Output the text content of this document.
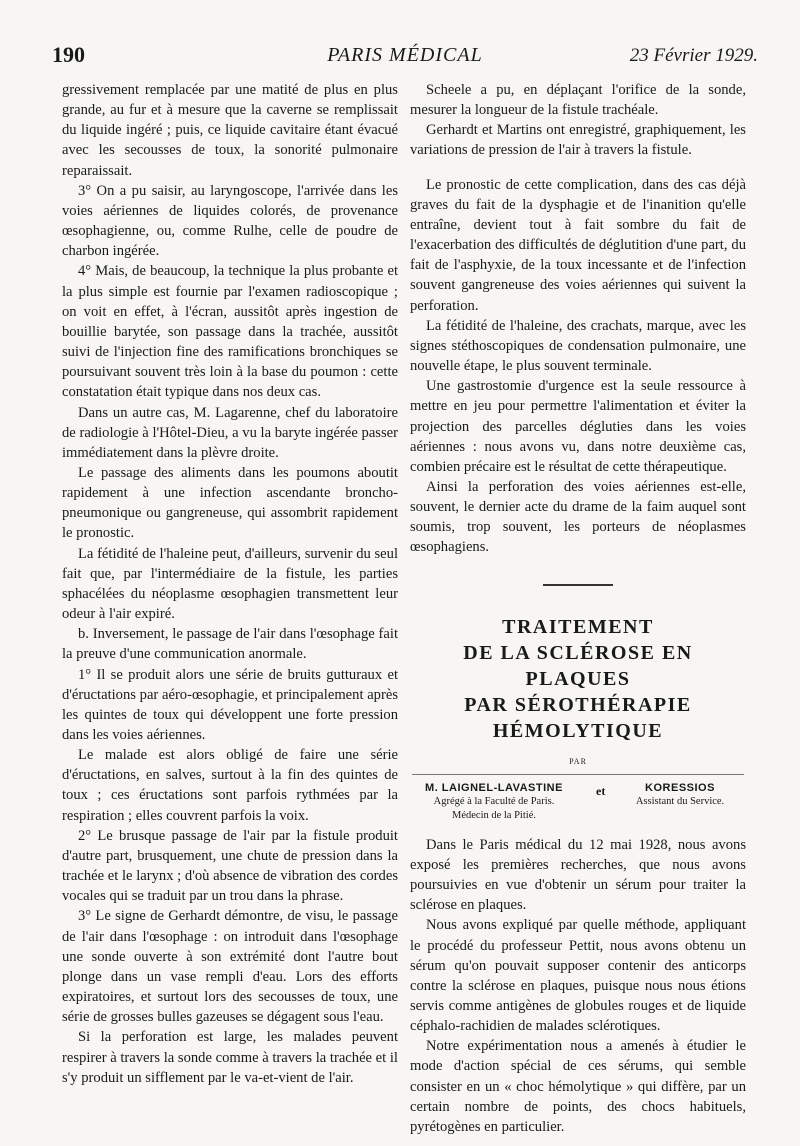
190	PARIS MÉDICAL	23 Février 1929.

gressivement remplacée par une matité de plus en plus grande, au fur et à mesure que la caverne se remplissait du liquide ingéré ; puis, ce liquide cavitaire étant évacué avec les secousses de toux, la sonorité pulmonaire reparaissait.

3° On a pu saisir, au laryngoscope, l'arrivée dans les voies aériennes de liquides colorés, de provenance œsophagienne, ou, comme Rulhe, celle de poudre de charbon ingérée.

4° Mais, de beaucoup, la technique la plus probante et la plus simple est fournie par l'examen radioscopique ; on voit en effet, à l'écran, aussitôt après ingestion de bouillie barytée, son passage dans la trachée, aussitôt suivi de l'injection fine des ramifications bronchiques se poursuivant souvent très loin à la base du poumon : cette constatation était typique dans nos deux cas.

Dans un autre cas, M. Lagarenne, chef du laboratoire de radiologie à l'Hôtel-Dieu, a vu la baryte ingérée passer immédiatement dans la plèvre droite.

Le passage des aliments dans les poumons aboutit rapidement à une infection ascendante broncho-pneumonique ou gangreneuse, qui assombrit rapidement le pronostic.

La fétidité de l'haleine peut, d'ailleurs, survenir du seul fait que, par l'intermédiaire de la fistule, les parties sphacélées du néoplasme œsophagien transmettent leur odeur à l'air expiré.

b. Inversement, le passage de l'air dans l'œsophage fait la preuve d'une communication anormale.

1° Il se produit alors une série de bruits gutturaux et d'éructations par aéro-œsophagie, et principalement après les quintes de toux qui développent une forte pression dans les voies aériennes.

Le malade est alors obligé de faire une série d'éructations, en salves, surtout à la fin des quintes de toux ; ces éructations sont parfois rythmées par la respiration ; elles couvrent parfois la voix.

2° Le brusque passage de l'air par la fistule produit d'autre part, brusquement, une chute de pression dans la trachée et le larynx ; d'où absence de vibration des cordes vocales qui se traduit par un trou dans la phrase.

3° Le signe de Gerhardt démontre, de visu, le passage de l'air dans l'œsophage : on introduit dans l'œsophage une sonde ouverte à son extrémité dont l'autre bout plonge dans un vase rempli d'eau. Lors des efforts expiratoires, et surtout lors des secousses de toux, une série de grosses bulles gazeuses se dégagent sous l'eau.

Si la perforation est large, les malades peuvent respirer à travers la sonde comme à travers la trachée et il s'y produit un sifflement par le va-et-vient de l'air.

Scheele a pu, en déplaçant l'orifice de la sonde, mesurer la longueur de la fistule trachéale.

Gerhardt et Martins ont enregistré, graphiquement, les variations de pression de l'air à travers la fistule.

Le pronostic de cette complication, dans des cas déjà graves du fait de la dysphagie et de l'inanition qu'elle entraîne, devient tout à fait sombre du fait de l'exacerbation des difficultés de déglutition d'une part, du fait de l'asphyxie, de la toux incessante et de l'infection souvent gangreneuse des voies aériennes qui suivent la perforation.

La fétidité de l'haleine, des crachats, marque, avec les signes stéthoscopiques de condensation pulmonaire, une nouvelle étape, le plus souvent terminale.

Une gastrostomie d'urgence est la seule ressource à mettre en jeu pour permettre l'alimentation et éviter la projection des parcelles dégluties dans les voies aériennes : nous avons vu, dans notre deuxième cas, combien précaire est le résultat de cette thérapeutique.

Ainsi la perforation des voies aériennes est-elle, souvent, le dernier acte du drame de la faim auquel sont soumis, trop souvent, les porteurs de néoplasmes œsophagiens.

TRAITEMENT
DE LA SCLÉROSE EN PLAQUES
PAR SÉROTHÉRAPIE
HÉMOLYTIQUE
PAR
M. LAIGNEL-LAVASTINE
Agrégé à la Faculté de Paris.
Médecin de la Pitié.
et	KORESSIOS
Assistant du Service.

Dans le Paris médical du 12 mai 1928, nous avons exposé les premières recherches, que nous avons poursuivies en vue d'obtenir un sérum pour traiter la sclérose en plaques.

Nous avons expliqué par quelle méthode, appliquant le procédé du professeur Pettit, nous avons obtenu un sérum qu'on pouvait supposer contenir des anticorps contre la sclérose en plaques, puisque nous nous étions servis comme antigènes de globules rouges et de liquide céphalo-rachidien de malades sclérotiques.

Notre expérimentation nous a amenés à étudier le mode d'action spécial de ces sérums, qui semble consister en un « choc hémolytique » qui diffère, par un certain nombre de points, des chocs habituels, pyrétogènes en particulier.
